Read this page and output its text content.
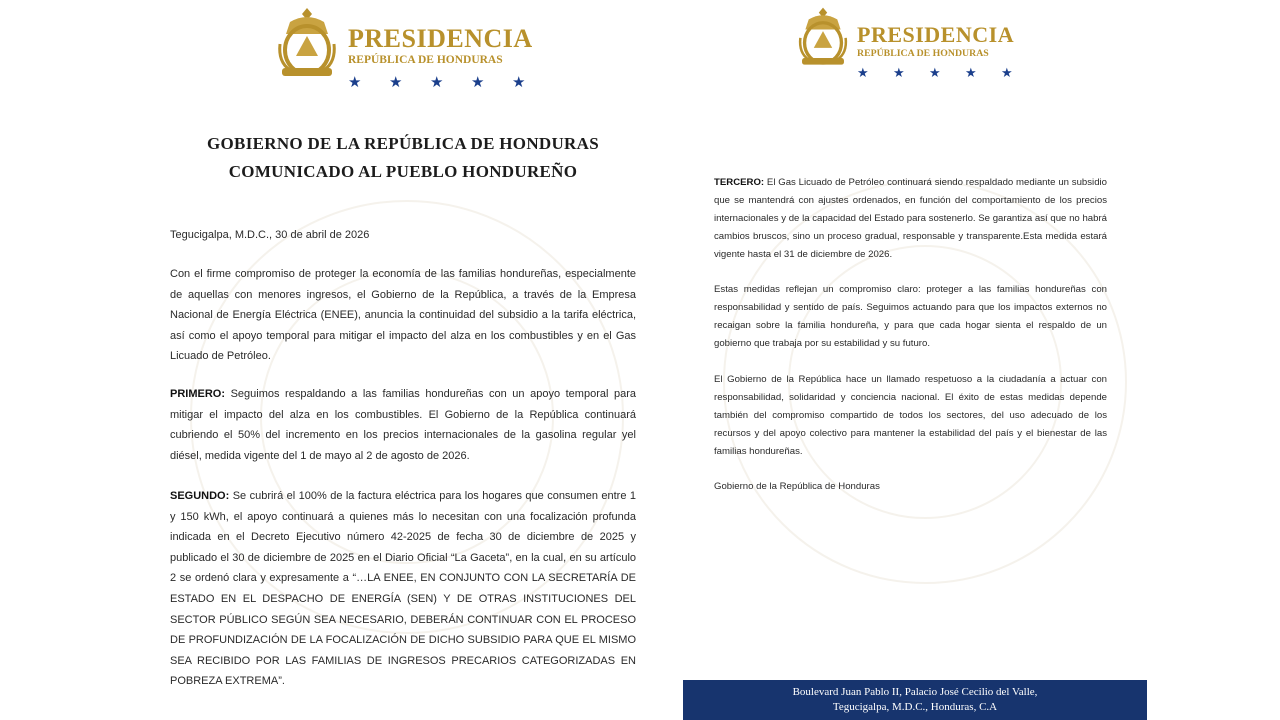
PRESIDENCIA
REPÚBLICA DE HONDURAS
★ ★ ★ ★ ★
GOBIERNO DE LA REPÚBLICA DE HONDURAS
COMUNICADO AL PUEBLO HONDUREÑO
Tegucigalpa, M.D.C., 30 de abril de 2026

Con el firme compromiso de proteger la economía de las familias hondureñas, especialmente de aquellas con menores ingresos, el Gobierno de la República, a través de la Empresa Nacional de Energía Eléctrica (ENEE), anuncia la continuidad del subsidio a la tarifa eléctrica, así como el apoyo temporal para mitigar el impacto del alza en los combustibles y en el Gas Licuado de Petróleo.

PRIMERO: Seguimos respaldando a las familias hondureñas con un apoyo temporal para mitigar el impacto del alza en los combustibles. El Gobierno de la República continuará cubriendo el 50% del incremento en los precios internacionales de la gasolina regular yel diésel, medida vigente del 1 de mayo al 2 de agosto de 2026.

SEGUNDO: Se cubrirá el 100% de la factura eléctrica para los hogares que consumen entre 1 y 150 kWh, el apoyo continuará a quienes más lo necesitan con una focalización profunda indicada en el Decreto Ejecutivo número 42-2025 de fecha 30 de diciembre de 2025 y publicado el 30 de diciembre de 2025 en el Diario Oficial “La Gaceta”, en la cual, en su artículo 2 se ordenó clara y expresamente a “…LA ENEE, EN CONJUNTO CON LA SECRETARÍA DE ESTADO EN EL DESPACHO DE ENERGÍA (SEN) Y DE OTRAS INSTITUCIONES DEL SECTOR PÚBLICO SEGÚN SEA NECESARIO, DEBERÁN CONTINUAR CON EL PROCESO DE PROFUNDIZACIÓN DE LA FOCALIZACIÓN DE DICHO SUBSIDIO PARA QUE EL MISMO SEA RECIBIDO POR LAS FAMILIAS DE INGRESOS PRECARIOS CATEGORIZADAS EN POBREZA EXTREMA”.

PRESIDENCIA
REPÚBLICA DE HONDURAS
★ ★ ★ ★ ★

TERCERO: El Gas Licuado de Petróleo continuará siendo respaldado mediante un subsidio que se mantendrá con ajustes ordenados, en función del comportamiento de los precios internacionales y de la capacidad del Estado para sostenerlo. Se garantiza así que no habrá cambios bruscos, sino un proceso gradual, responsable y transparente.Esta medida estará vigente hasta el 31 de diciembre de 2026.

Estas medidas reflejan un compromiso claro: proteger a las familias hondureñas con responsabilidad y sentido de país. Seguimos actuando para que los impactos externos no recaigan sobre la familia hondureña, y para que cada hogar sienta el respaldo de un gobierno que trabaja por su estabilidad y su futuro.

El Gobierno de la República hace un llamado respetuoso a la ciudadanía a actuar con responsabilidad, solidaridad y conciencia nacional. El éxito de estas medidas depende también del compromiso compartido de todos los sectores, del uso adecuado de los recursos y del apoyo colectivo para mantener la estabilidad del país y el bienestar de las familias hondureñas.

Gobierno de la República de Honduras
Boulevard Juan Pablo II, Palacio José Cecilio del Valle,
Tegucigalpa, M.D.C., Honduras, C.A
